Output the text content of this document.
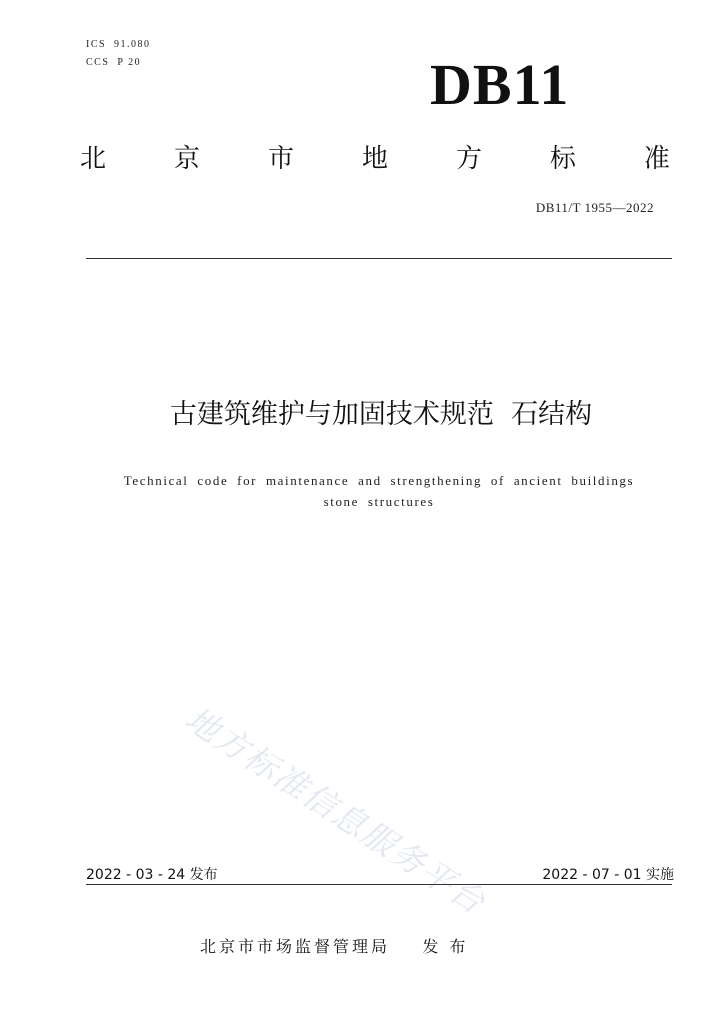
ICS  91.080
CCS  P 20	DB11
北	京	市	地	方	标	准
DB11/T 1955—2022
古建筑维护与加固技术规范  石结构
Technical code for maintenance and strengthening of ancient buildings
stone structures
地方标准信息服务平台
2022 - 03 - 24 发布	2022 - 07 - 01 实施
北京市市场监督管理局    发 布
